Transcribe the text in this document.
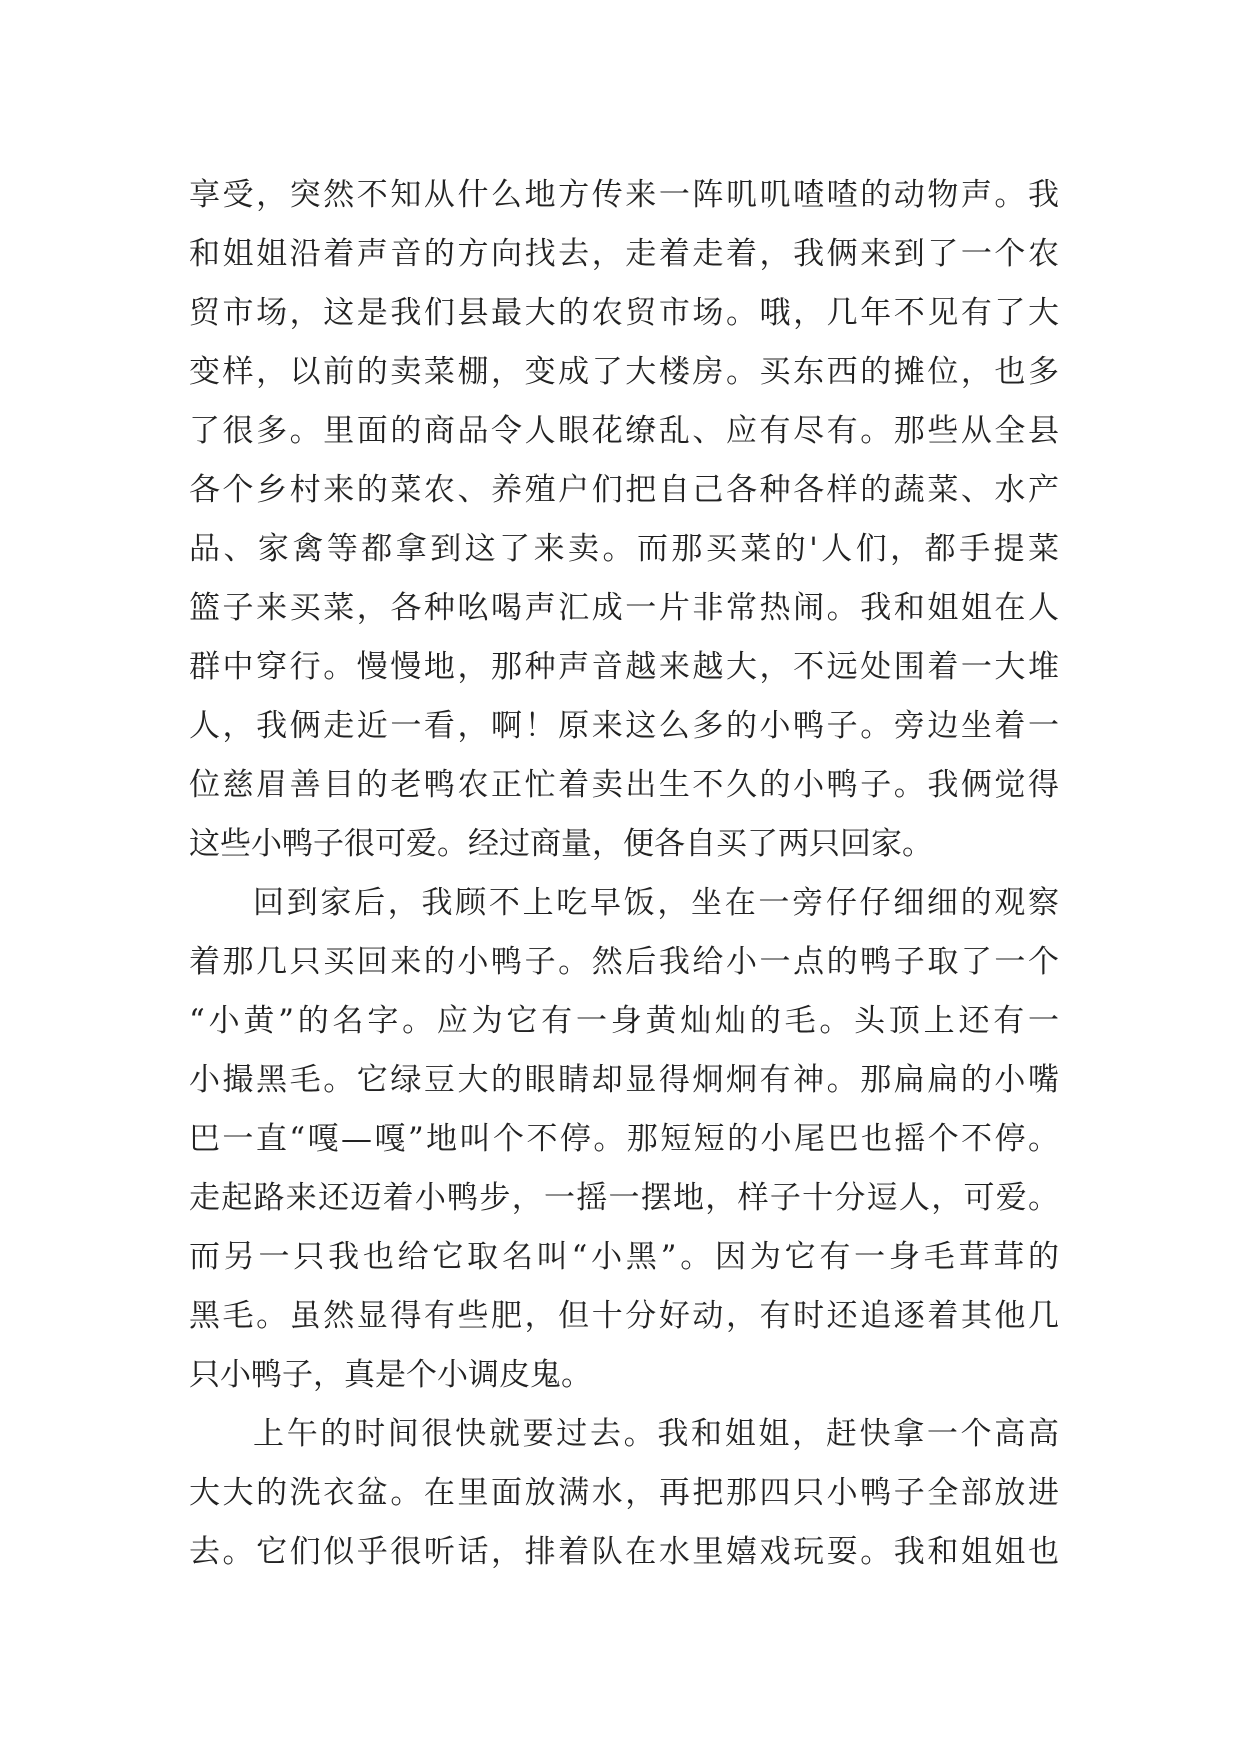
享受，突然不知从什么地方传来一阵叽叽喳喳的动物声。我
和姐姐沿着声音的方向找去，走着走着，我俩来到了一个农
贸市场，这是我们县最大的农贸市场。哦，几年不见有了大
变样，以前的卖菜棚，变成了大楼房。买东西的摊位，也多
了很多。里面的商品令人眼花缭乱、应有尽有。那些从全县
各个乡村来的菜农、养殖户们把自己各种各样的蔬菜、水产
品、家禽等都拿到这了来卖。而那买菜的'人们，都手提菜
篮子来买菜，各种吆喝声汇成一片非常热闹。我和姐姐在人
群中穿行。慢慢地，那种声音越来越大，不远处围着一大堆
人，我俩走近一看，啊！原来这么多的小鸭子。旁边坐着一
位慈眉善目的老鸭农正忙着卖出生不久的小鸭子。我俩觉得
这些小鸭子很可爱。经过商量，便各自买了两只回家。
回到家后，我顾不上吃早饭，坐在一旁仔仔细细的观察
着那几只买回来的小鸭子。然后我给小一点的鸭子取了一个
“小黄”的名字。应为它有一身黄灿灿的毛。头顶上还有一
小撮黑毛。它绿豆大的眼睛却显得炯炯有神。那扁扁的小嘴
巴一直“嘎—嘎”地叫个不停。那短短的小尾巴也摇个不停。
走起路来还迈着小鸭步，一摇一摆地，样子十分逗人，可爱。
而另一只我也给它取名叫“小黑”。因为它有一身毛茸茸的
黑毛。虽然显得有些肥，但十分好动，有时还追逐着其他几
只小鸭子，真是个小调皮鬼。
上午的时间很快就要过去。我和姐姐，赶快拿一个高高
大大的洗衣盆。在里面放满水，再把那四只小鸭子全部放进
去。它们似乎很听话，排着队在水里嬉戏玩耍。我和姐姐也
